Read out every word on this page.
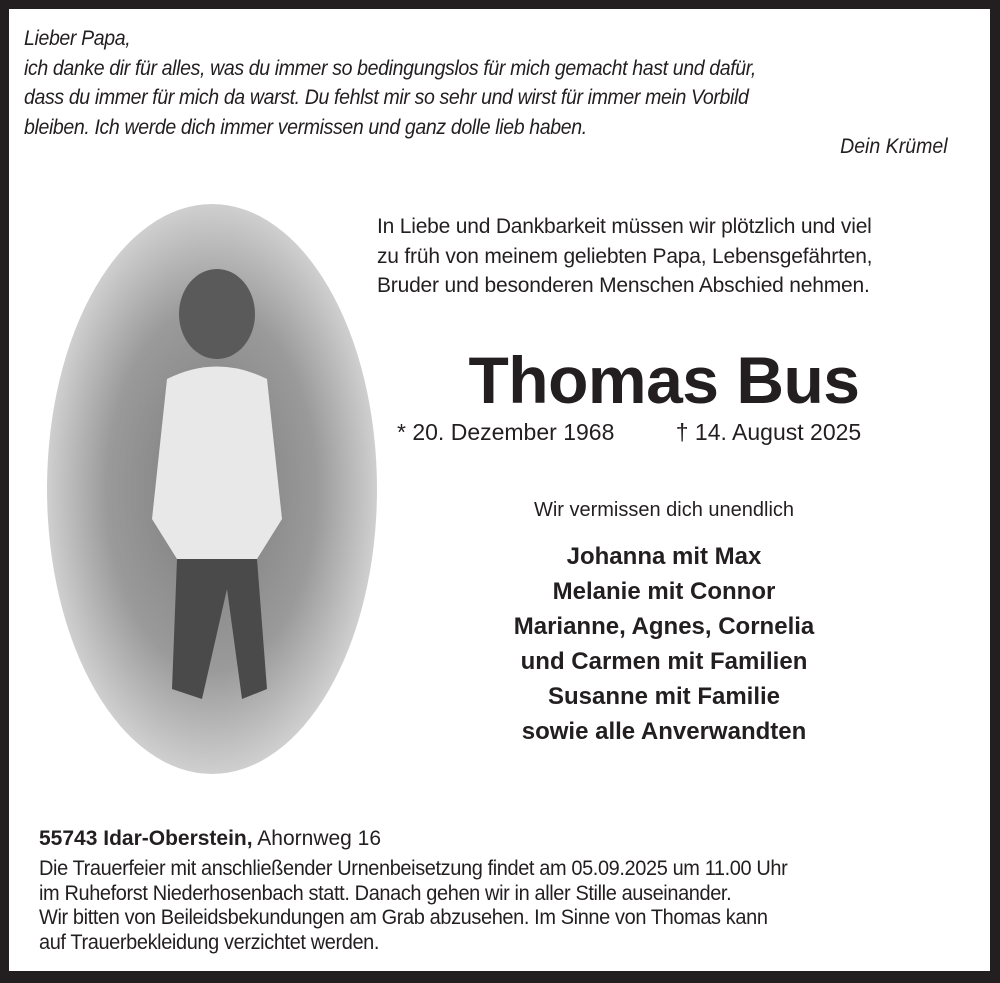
Lieber Papa,
ich danke dir für alles, was du immer so bedingungslos für mich gemacht hast und dafür,
dass du immer für mich da warst. Du fehlst mir so sehr und wirst für immer mein Vorbild
bleiben. Ich werde dich immer vermissen und ganz dolle lieb haben.
Dein Krümel
In Liebe und Dankbarkeit müssen wir plötzlich und viel
zu früh von meinem geliebten Papa, Lebensgefährten,
Bruder und besonderen Menschen Abschied nehmen.
Thomas Bus
* 20. Dezember 1968	† 14. August 2025
Wir vermissen dich unendlich
Johanna mit Max
Melanie mit Connor
Marianne, Agnes, Cornelia
und Carmen mit Familien
Susanne mit Familie
sowie alle Anverwandten
55743 Idar-Oberstein, Ahornweg 16
Die Trauerfeier mit anschließender Urnenbeisetzung findet am 05.09.2025 um 11.00 Uhr
im Ruheforst Niederhosenbach statt. Danach gehen wir in aller Stille auseinander.
Wir bitten von Beileidsbekundungen am Grab abzusehen. Im Sinne von Thomas kann
auf Trauerbekleidung verzichtet werden.
